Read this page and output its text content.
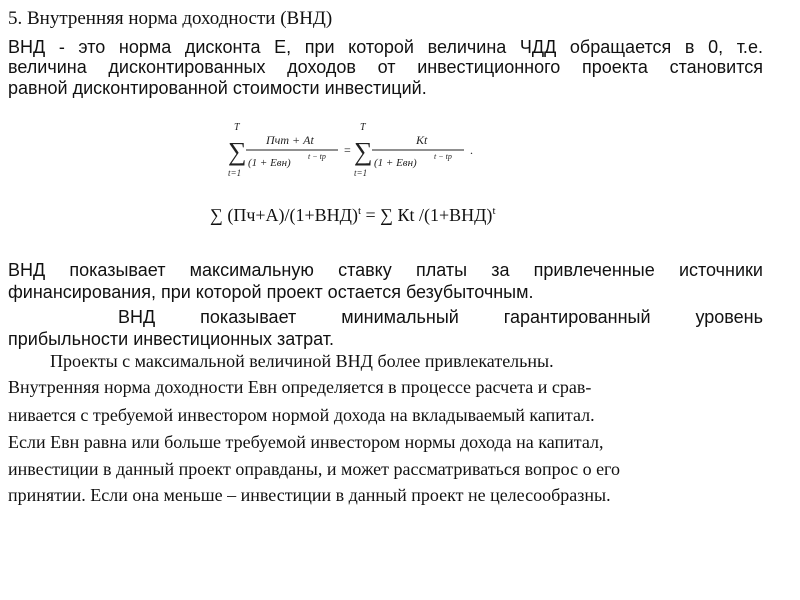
5. Внутренняя норма доходности (ВНД)
ВНД - это норма дисконта Е, при которой величина ЧДД обращается в 0, т.е.
величина дисконтированных доходов от инвестиционного проекта становится
равной дисконтированной стоимости инвестиций.
T
∑
t=1
Пчт + At
(1 + Eвн)
t − tp =
T
∑
t=1
Kt
(1 + Eвн)
t − tp .
∑ $(Пч+А)/(1+ВНД)^t$ = ∑ Кt $/(1+ВНД)^t$
ВНД показывает максимальную ставку платы за привлеченные источники
финансирования, при которой проект остается безубыточным.
ВНД показывает минимальный гарантированный уровень
прибыльности инвестиционных затрат.
Проекты с максимальной величиной ВНД более привлекательны.
Внутренняя норма доходности Евн определяется в процессе расчета и срав-
нивается с требуемой инвестором нормой дохода на вкладываемый капитал.
Если Евн равна или больше требуемой инвестором нормы дохода на капитал,
инвестиции в данный проект оправданы, и может рассматриваться вопрос о его
принятии. Если она меньше – инвестиции в данный проект не целесообразны.
